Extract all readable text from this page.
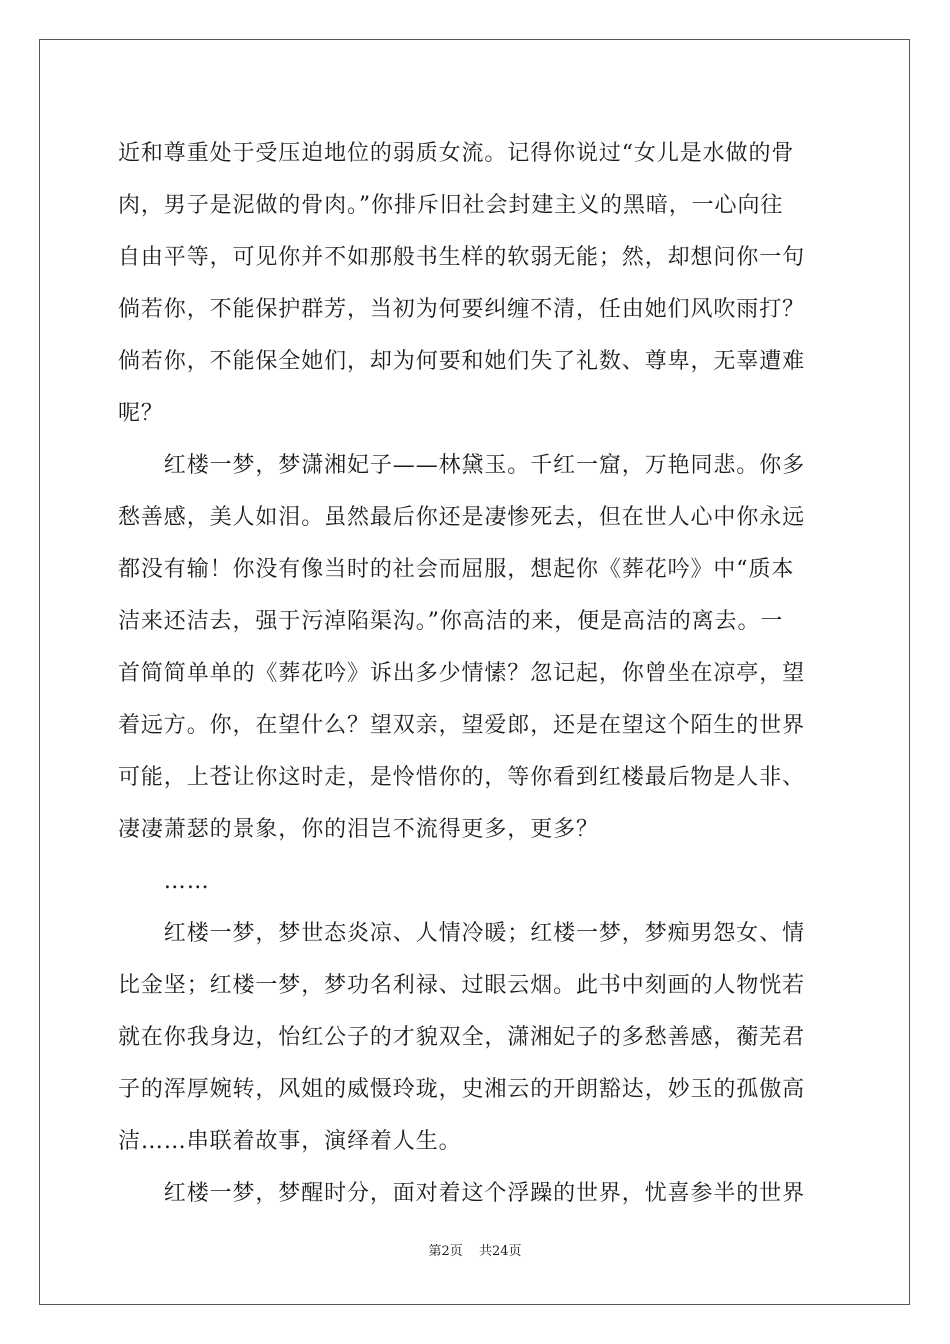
近和尊重处于受压迫地位的弱质女流。记得你说过“女儿是水做的骨
肉，男子是泥做的骨肉。”你排斥旧社会封建主义的黑暗，一心向往
自由平等，可见你并不如那般书生样的软弱无能；然，却想问你一句
倘若你，不能保护群芳，当初为何要纠缠不清，任由她们风吹雨打？
倘若你，不能保全她们，却为何要和她们失了礼数、尊卑，无辜遭难
呢？
　　红楼一梦，梦潇湘妃子——林黛玉。千红一窟，万艳同悲。你多
愁善感，美人如泪。虽然最后你还是凄惨死去，但在世人心中你永远
都没有输！你没有像当时的社会而屈服，想起你《葬花吟》中“质本
洁来还洁去，强于污淖陷渠沟。”你高洁的来，便是高洁的离去。一
首简简单单的《葬花吟》诉出多少情愫？忽记起，你曾坐在凉亭，望
着远方。你，在望什么？望双亲，望爱郎，还是在望这个陌生的世界
可能，上苍让你这时走，是怜惜你的，等你看到红楼最后物是人非、
凄凄萧瑟的景象，你的泪岂不流得更多，更多？
　　……
　　红楼一梦，梦世态炎凉、人情冷暖；红楼一梦，梦痴男怨女、情
比金坚；红楼一梦，梦功名利禄、过眼云烟。此书中刻画的人物恍若
就在你我身边，怡红公子的才貌双全，潇湘妃子的多愁善感，蘅芜君
子的浑厚婉转，风姐的威慑玲珑，史湘云的开朗豁达，妙玉的孤傲高
洁……串联着故事，演绎着人生。
　　红楼一梦，梦醒时分，面对着这个浮躁的世界，忧喜参半的世界
第2页 共24页
